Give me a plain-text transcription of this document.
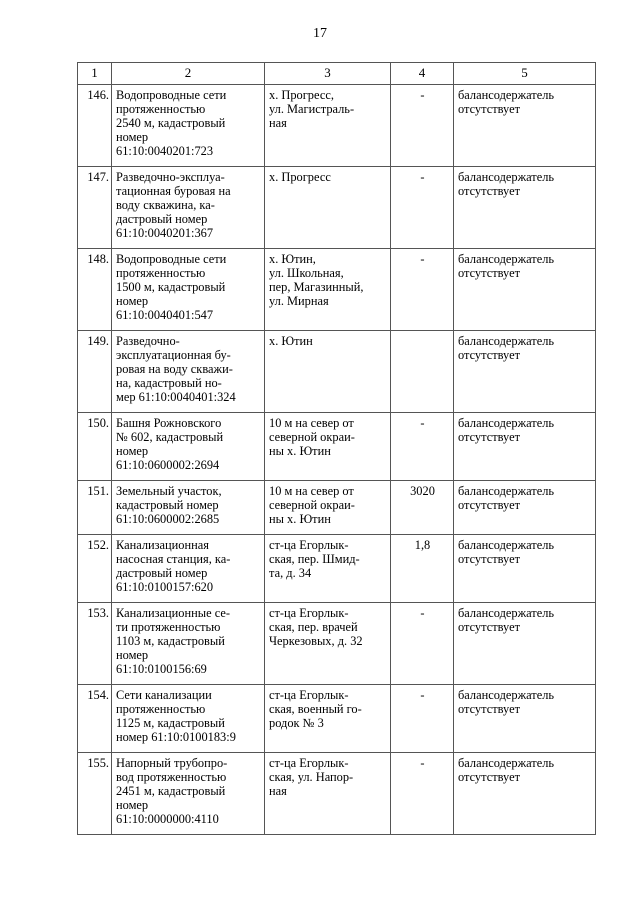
17
1	2	3	4	5
146.	Водопроводные сети
протяженностью
2540 м, кадастровый
номер
61:10:0040201:723	х. Прогресс,
ул. Магистраль-
ная	-	балансодержатель
отсутствует

147.	Разведочно-эксплуа-
тационная буровая на
воду скважина, ка-
дастровый номер
61:10:0040201:367	х. Прогресс	-	балансодержатель
отсутствует

148.	Водопроводные сети
протяженностью
1500 м, кадастровый
номер
61:10:0040401:547	х. Ютин,
ул. Школьная,
пер, Магазинный,
ул. Мирная	-	балансодержатель
отсутствует

149.	Разведочно-
эксплуатационная бу-
ровая на воду скважи-
на, кадастровый но-
мер 61:10:0040401:324	х. Ютин		балансодержатель
отсутствует

150.	Башня Рожновского
№ 602, кадастровый
номер
61:10:0600002:2694	10 м на север от
северной окраи-
ны х. Ютин	-	балансодержатель
отсутствует

151.	Земельный участок,
кадастровый номер
61:10:0600002:2685	10 м на север от
северной окраи-
ны х. Ютин	3020	балансодержатель
отсутствует

152.	Канализационная
насосная станция, ка-
дастровый номер
61:10:0100157:620	ст-ца Егорлык-
ская, пер. Шмид-
та, д. 34	1,8	балансодержатель
отсутствует

153.	Канализационные се-
ти протяженностью
1103 м, кадастровый
номер
61:10:0100156:69	ст-ца Егорлык-
ская, пер. врачей
Черкезовых, д. 32	-	балансодержатель
отсутствует

154.	Сети канализации
протяженностью
1125 м, кадастровый
номер 61:10:0100183:9	ст-ца Егорлык-
ская, военный го-
родок № 3	-	балансодержатель
отсутствует

155.	Напорный трубопро-
вод протяженностью
2451 м, кадастровый
номер
61:10:0000000:4110	ст-ца Егорлык-
ская, ул. Напор-
ная	-	балансодержатель
отсутствует
